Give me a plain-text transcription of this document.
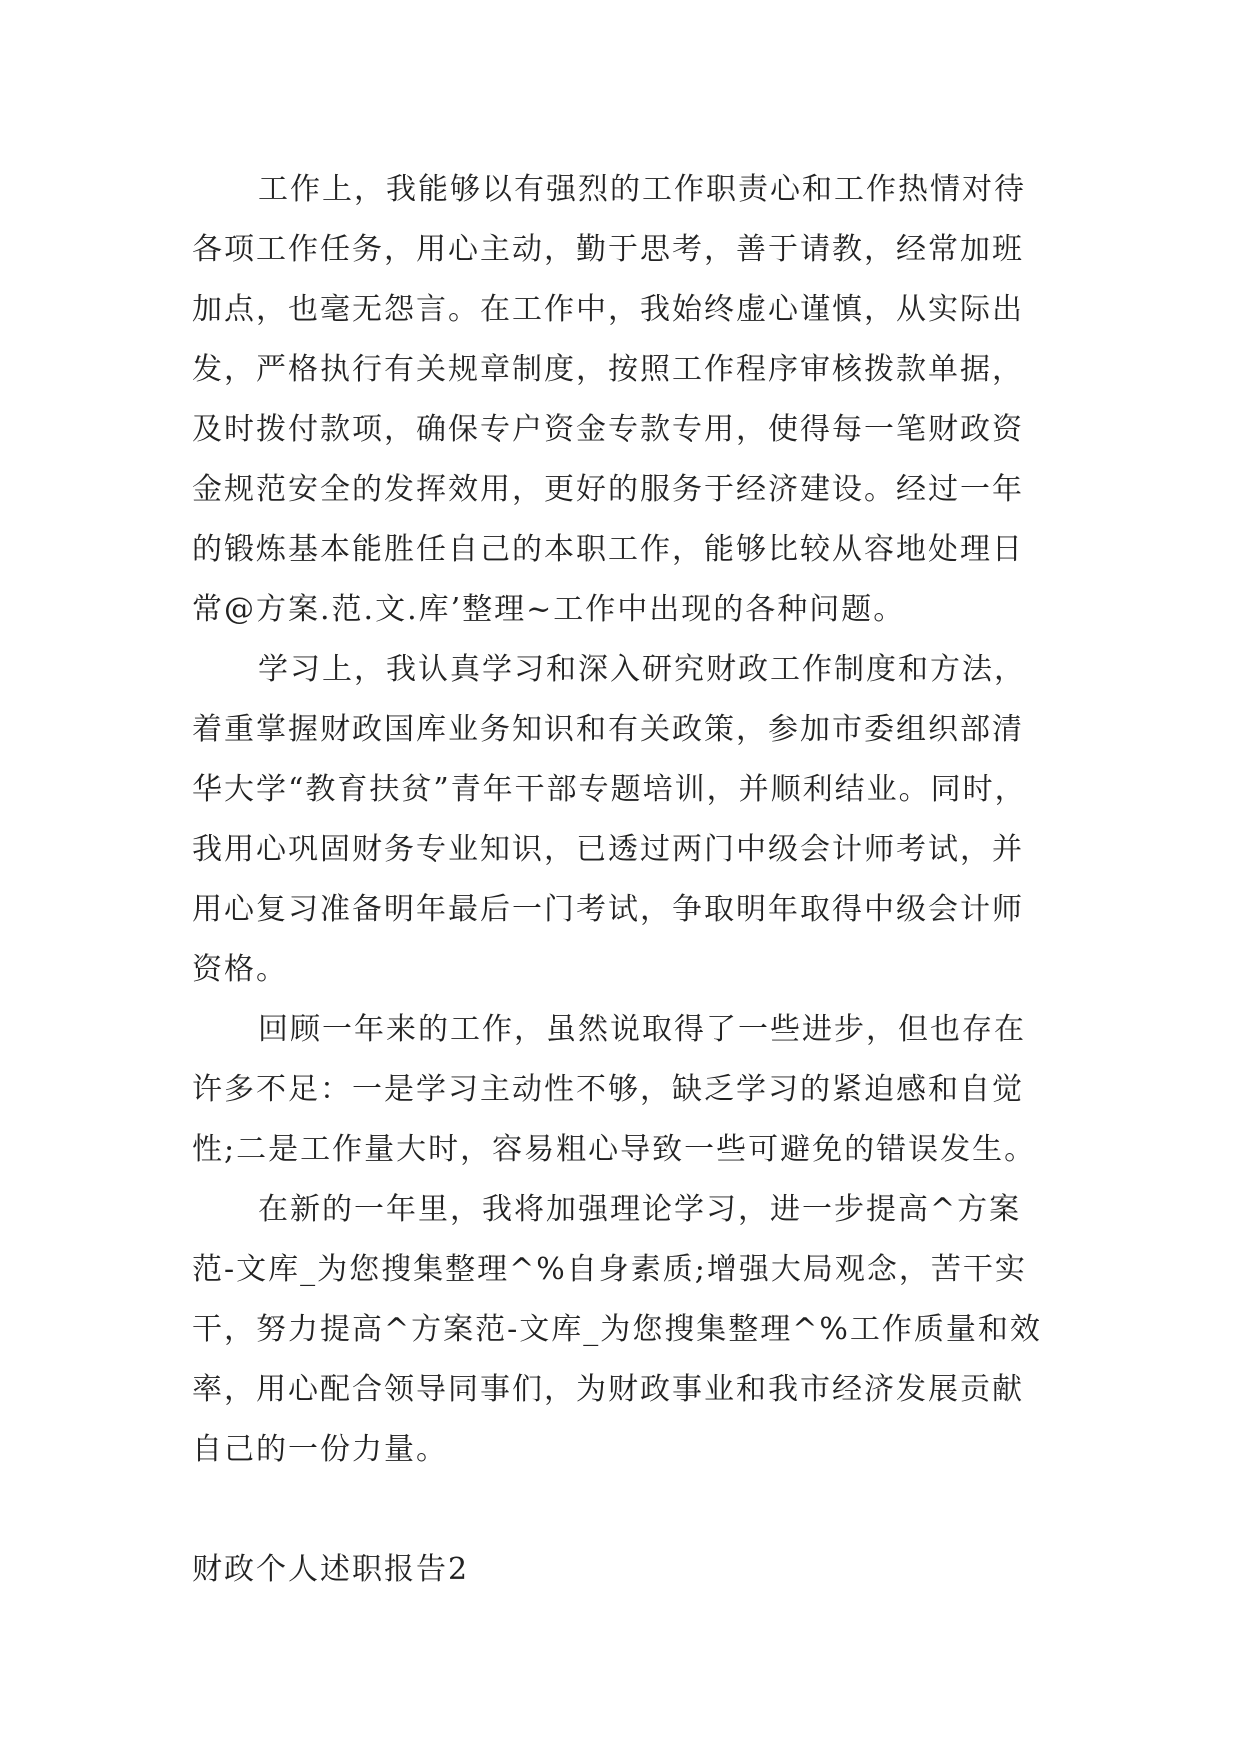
工作上，我能够以有强烈的工作职责心和工作热情对待
各项工作任务，用心主动，勤于思考，善于请教，经常加班
加点，也毫无怨言。在工作中，我始终虚心谨慎，从实际出
发，严格执行有关规章制度，按照工作程序审核拨款单据，
及时拨付款项，确保专户资金专款专用，使得每一笔财政资
金规范安全的发挥效用，更好的服务于经济建设。经过一年
的锻炼基本能胜任自己的本职工作，能够比较从容地处理日
常@方案.范.文.库’整理~工作中出现的各种问题。
学习上，我认真学习和深入研究财政工作制度和方法，
着重掌握财政国库业务知识和有关政策，参加市委组织部清
华大学“教育扶贫”青年干部专题培训，并顺利结业。同时，
我用心巩固财务专业知识，已透过两门中级会计师考试，并
用心复习准备明年最后一门考试，争取明年取得中级会计师
资格。
回顾一年来的工作，虽然说取得了一些进步，但也存在
许多不足：一是学习主动性不够，缺乏学习的紧迫感和自觉
性;二是工作量大时，容易粗心导致一些可避免的错误发生。
在新的一年里，我将加强理论学习，进一步提高^方案
范-文库_为您搜集整理^%自身素质;增强大局观念，苦干实
干，努力提高^方案范-文库_为您搜集整理^%工作质量和效
率，用心配合领导同事们，为财政事业和我市经济发展贡献
自己的一份力量。
财政个人述职报告2
